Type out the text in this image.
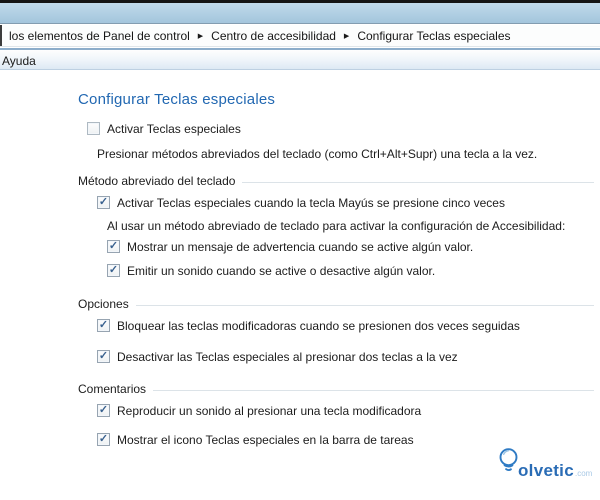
los elementos de Panel de control ▶ Centro de accesibilidad ▶ Configurar Teclas especiales
Ayuda
Configurar Teclas especiales
Activar Teclas especiales
Presionar métodos abreviados del teclado (como Ctrl+Alt+Supr) una tecla a la vez.
Método abreviado del teclado
✓ Activar Teclas especiales cuando la tecla Mayús se presione cinco veces
Al usar un método abreviado de teclado para activar la configuración de Accesibilidad:
✓ Mostrar un mensaje de advertencia cuando se active algún valor.
✓ Emitir un sonido cuando se active o desactive algún valor.
Opciones
✓ Bloquear las teclas modificadoras cuando se presionen dos veces seguidas
✓ Desactivar las Teclas especiales al presionar dos teclas a la vez
Comentarios
✓ Reproducir un sonido al presionar una tecla modificadora
✓ Mostrar el icono Teclas especiales en la barra de tareas
olvetic .com
